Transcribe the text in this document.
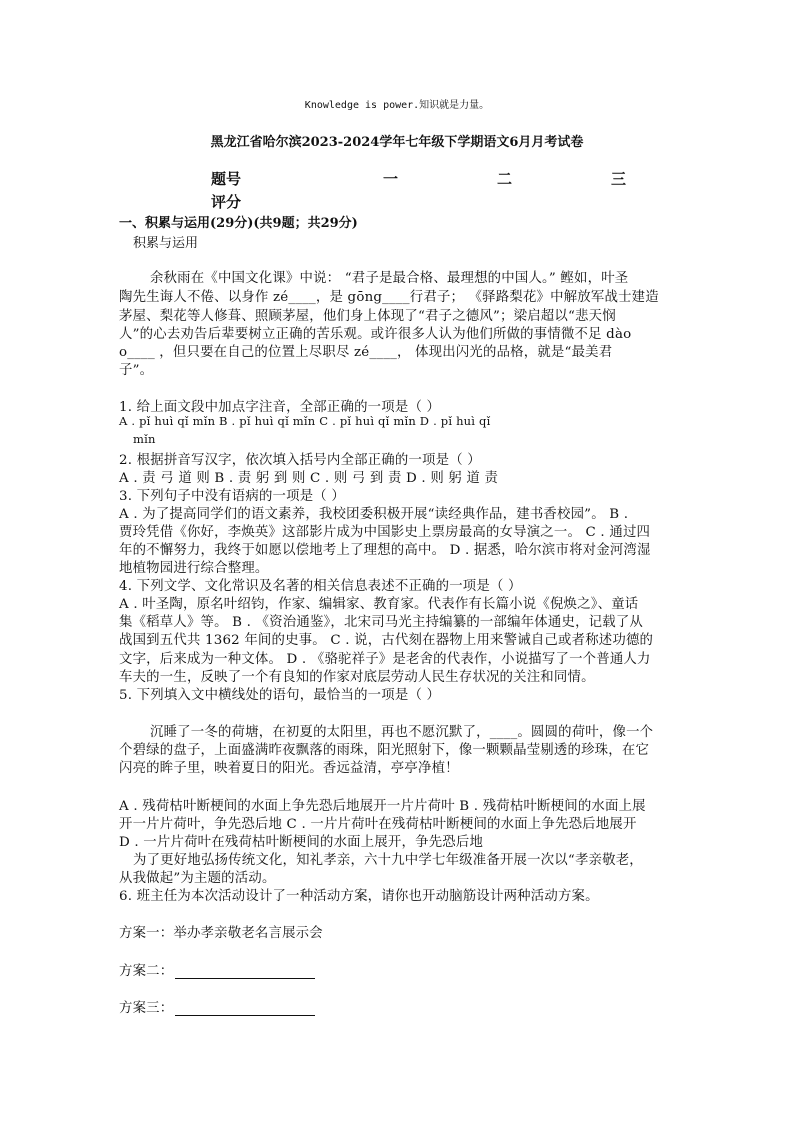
Knowledge is power.知识就是力量。
黑龙江省哈尔滨2023-2024学年七年级下学期语文6月月考试卷
题号	一	二	三
评分
一、积累与运用(29分)(共9题；共29分)
积累与运用
余秋雨在《中国文化课》中说： “君子是最合格、最理想的中国人。” 鲣如，叶圣
陶先生诲人不倦、以身作 zé____，是 gōng____行君子； 《驿路梨花》中解放军战士建造
茅屋、梨花等人修葺、照顾茅屋，他们身上体现了“君子之德风”；梁启超以“悲天悯
人”的心去劝告后辈要树立正确的苦乐观。或许很多人认为他们所做的事情微不足 dào
o____ ，但只要在自己的位置上尽职尽 zé____， 体现出闪光的品格，就是“最美君
子”。
1. 给上面文段中加点字注音，全部正确的一项是（ ）
A . pǐ huì qǐ mǐn B . pǐ huì qǐ mǐn C . pǐ huì qǐ mǐn D . pǐ huì qǐ
mǐn
2. 根据拼音写汉字，依次填入括号内全部正确的一项是（ ）
A . 责 弓 道 则 B . 责 躬 到 则 C . 则 弓 到 责 D . 则 躬 道 责
3. 下列句子中没有语病的一项是（ ）
A . 为了提高同学们的语文素养，我校团委积极开展“读经典作品，建书香校园”。 B .
贾玲凭借《你好，李焕英》这部影片成为中国影史上票房最高的女导演之一。 C . 通过四
年的不懈努力，我终于如愿以偿地考上了理想的高中。 D . 据悉，哈尔滨市将对金河湾湿
地植物园进行综合整理。
4. 下列文学、文化常识及名著的相关信息表述不正确的一项是（ ）
A . 叶圣陶，原名叶绍钧，作家、编辑家、教育家。代表作有长篇小说《倪焕之》、童话
集《稻草人》等。 B . 《资治通鉴》，北宋司马光主持编纂的一部编年体通史，记载了从
战国到五代共 1362 年间的史事。 C . 说，古代刻在器物上用来警诫自己或者称述功德的
文字，后来成为一种文体。 D . 《骆驼祥子》是老舍的代表作，小说描写了一个普通人力
车夫的一生，反映了一个有良知的作家对底层劳动人民生存状况的关注和同情。
5. 下列填入文中横线处的语句，最恰当的一项是（ ）
沉睡了一冬的荷塘，在初夏的太阳里，再也不愿沉默了，____。圆圆的荷叶，像一个
个碧绿的盘子，上面盛满昨夜飘落的雨珠，阳光照射下，像一颗颗晶莹剔透的珍珠，在它
闪亮的眸子里，映着夏日的阳光。香远益清，亭亭净植！
A . 残荷枯叶断梗间的水面上争先恐后地展开一片片荷叶 B . 残荷枯叶断梗间的水面上展
开一片片荷叶，争先恐后地 C . 一片片荷叶在残荷枯叶断梗间的水面上争先恐后地展开
D . 一片片荷叶在残荷枯叶断梗间的水面上展开，争先恐后地
为了更好地弘扬传统文化，知礼孝亲，六十九中学七年级准备开展一次以“孝亲敬老，
从我做起”为主题的活动。
6. 班主任为本次活动设计了一种活动方案，请你也开动脑筋设计两种活动方案。
方案一：举办孝亲敬老名言展示会
方案二：
方案三：
